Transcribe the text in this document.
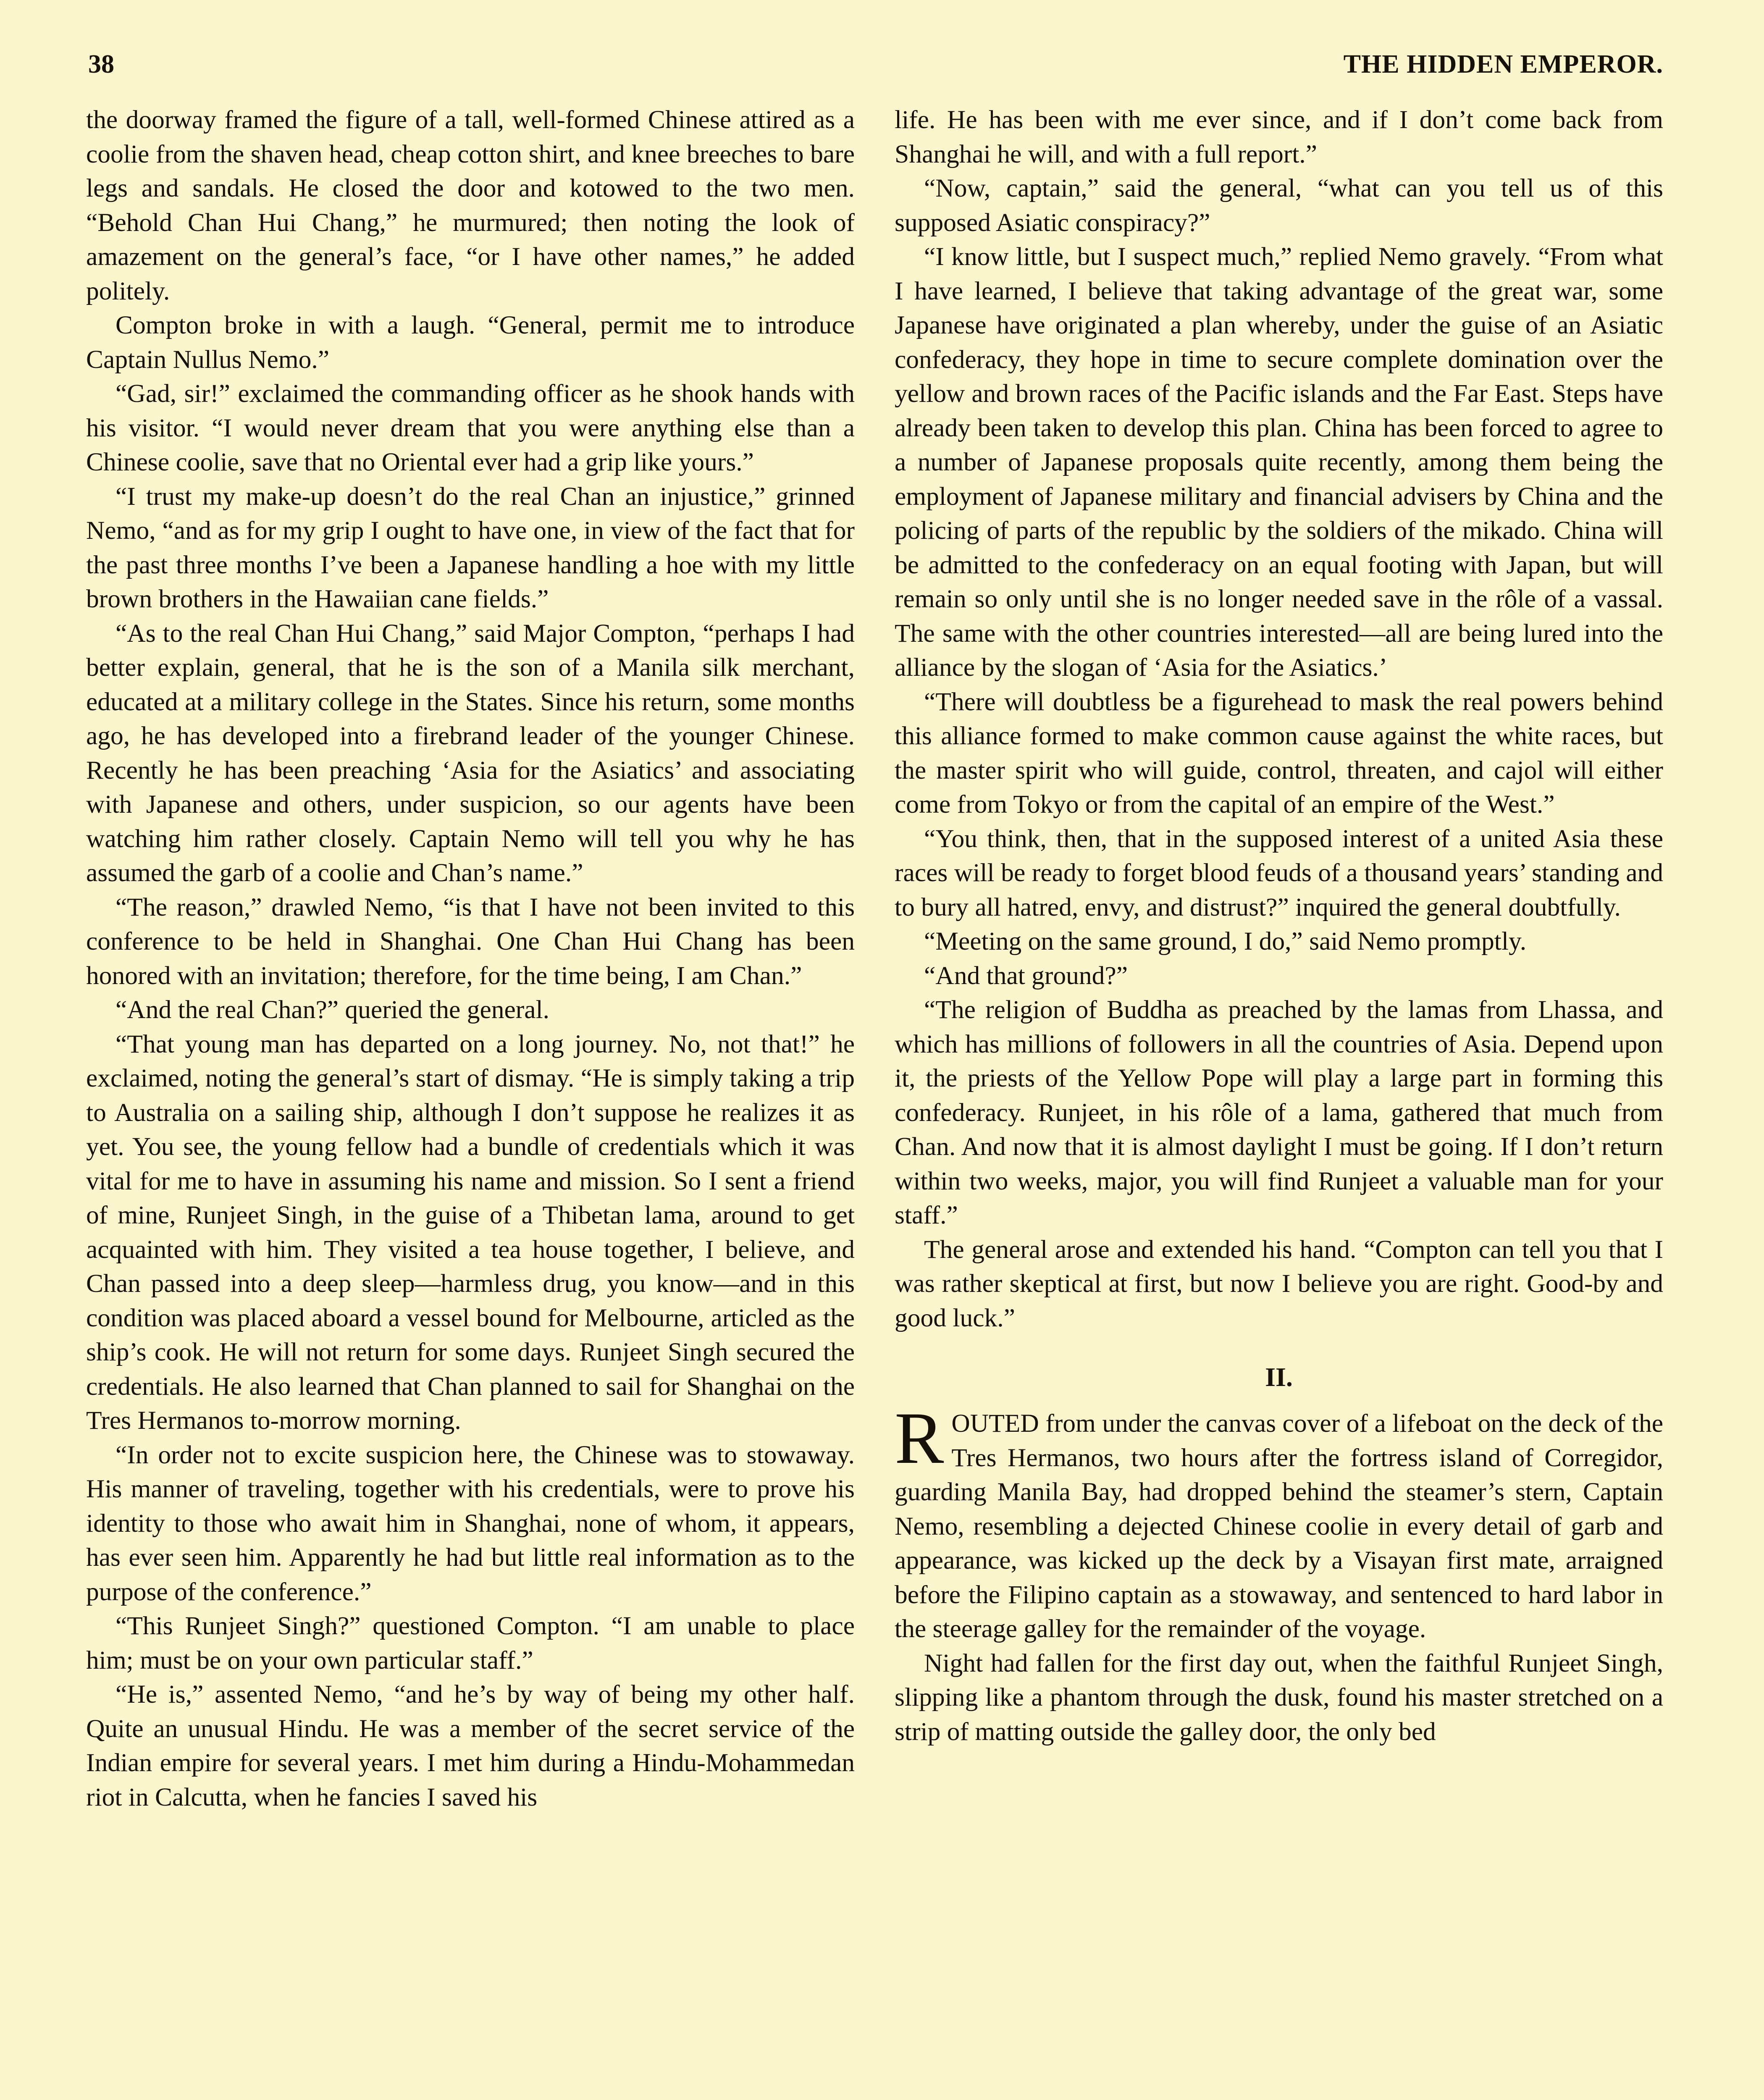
38	THE HIDDEN EMPEROR.

the doorway framed the figure of a tall, well-formed Chinese attired as a coolie from the shaven head, cheap cotton shirt, and knee breeches to bare legs and sandals. He closed the door and kotowed to the two men. “Behold Chan Hui Chang,” he murmured; then noting the look of amazement on the general’s face, “or I have other names,” he added politely.

Compton broke in with a laugh. “General, permit me to introduce Captain Nullus Nemo.”

“Gad, sir!” exclaimed the commanding officer as he shook hands with his visitor. “I would never dream that you were anything else than a Chinese coolie, save that no Oriental ever had a grip like yours.”

“I trust my make-up doesn’t do the real Chan an injustice,” grinned Nemo, “and as for my grip I ought to have one, in view of the fact that for the past three months I’ve been a Japanese handling a hoe with my little brown brothers in the Hawaiian cane fields.”

“As to the real Chan Hui Chang,” said Major Compton, “perhaps I had better explain, general, that he is the son of a Manila silk merchant, educated at a military college in the States. Since his return, some months ago, he has developed into a firebrand leader of the younger Chinese. Recently he has been preaching ‘Asia for the Asiatics’ and associating with Japanese and others, under suspicion, so our agents have been watching him rather closely. Captain Nemo will tell you why he has assumed the garb of a coolie and Chan’s name.”

“The reason,” drawled Nemo, “is that I have not been invited to this conference to be held in Shanghai. One Chan Hui Chang has been honored with an invitation; therefore, for the time being, I am Chan.”

“And the real Chan?” queried the general.

“That young man has departed on a long journey. No, not that!” he exclaimed, noting the general’s start of dismay. “He is simply taking a trip to Australia on a sailing ship, although I don’t suppose he realizes it as yet. You see, the young fellow had a bundle of credentials which it was vital for me to have in assuming his name and mission. So I sent a friend of mine, Runjeet Singh, in the guise of a Thibetan lama, around to get acquainted with him. They visited a tea house together, I believe, and Chan passed into a deep sleep—harmless drug, you know—and in this condition was placed aboard a vessel bound for Melbourne, articled as the ship’s cook. He will not return for some days. Runjeet Singh secured the credentials. He also learned that Chan planned to sail for Shanghai on the Tres Hermanos to-morrow morning.

“In order not to excite suspicion here, the Chinese was to stowaway. His manner of traveling, together with his credentials, were to prove his identity to those who await him in Shanghai, none of whom, it appears, has ever seen him. Apparently he had but little real information as to the purpose of the conference.”

“This Runjeet Singh?” questioned Compton. “I am unable to place him; must be on your own particular staff.”

“He is,” assented Nemo, “and he’s by way of being my other half. Quite an unusual Hindu. He was a member of the secret service of the Indian empire for several years. I met him during a Hindu-Mohammedan riot in Calcutta, when he fancies I saved his

life. He has been with me ever since, and if I don’t come back from Shanghai he will, and with a full report.”

“Now, captain,” said the general, “what can you tell us of this supposed Asiatic conspiracy?”

“I know little, but I suspect much,” replied Nemo gravely. “From what I have learned, I believe that taking advantage of the great war, some Japanese have originated a plan whereby, under the guise of an Asiatic confederacy, they hope in time to secure complete domination over the yellow and brown races of the Pacific islands and the Far East. Steps have already been taken to develop this plan. China has been forced to agree to a number of Japanese proposals quite recently, among them being the employment of Japanese military and financial advisers by China and the policing of parts of the republic by the soldiers of the mikado. China will be admitted to the confederacy on an equal footing with Japan, but will remain so only until she is no longer needed save in the rôle of a vassal. The same with the other countries interested—all are being lured into the alliance by the slogan of ‘Asia for the Asiatics.’

“There will doubtless be a figurehead to mask the real powers behind this alliance formed to make common cause against the white races, but the master spirit who will guide, control, threaten, and cajol will either come from Tokyo or from the capital of an empire of the West.”

“You think, then, that in the supposed interest of a united Asia these races will be ready to forget blood feuds of a thousand years’ standing and to bury all hatred, envy, and distrust?” inquired the general doubtfully.

“Meeting on the same ground, I do,” said Nemo promptly.

“And that ground?”

“The religion of Buddha as preached by the lamas from Lhassa, and which has millions of followers in all the countries of Asia. Depend upon it, the priests of the Yellow Pope will play a large part in forming this confederacy. Runjeet, in his rôle of a lama, gathered that much from Chan. And now that it is almost daylight I must be going. If I don’t return within two weeks, major, you will find Runjeet a valuable man for your staff.”

The general arose and extended his hand. “Compton can tell you that I was rather skeptical at first, but now I believe you are right. Good-by and good luck.”

II.

ROUTED from under the canvas cover of a lifeboat on the deck of the Tres Hermanos, two hours after the fortress island of Corregidor, guarding Manila Bay, had dropped behind the steamer’s stern, Captain Nemo, resembling a dejected Chinese coolie in every detail of garb and appearance, was kicked up the deck by a Visayan first mate, arraigned before the Filipino captain as a stowaway, and sentenced to hard labor in the steerage galley for the remainder of the voyage.

Night had fallen for the first day out, when the faithful Runjeet Singh, slipping like a phantom through the dusk, found his master stretched on a strip of matting outside the galley door, the only bed
